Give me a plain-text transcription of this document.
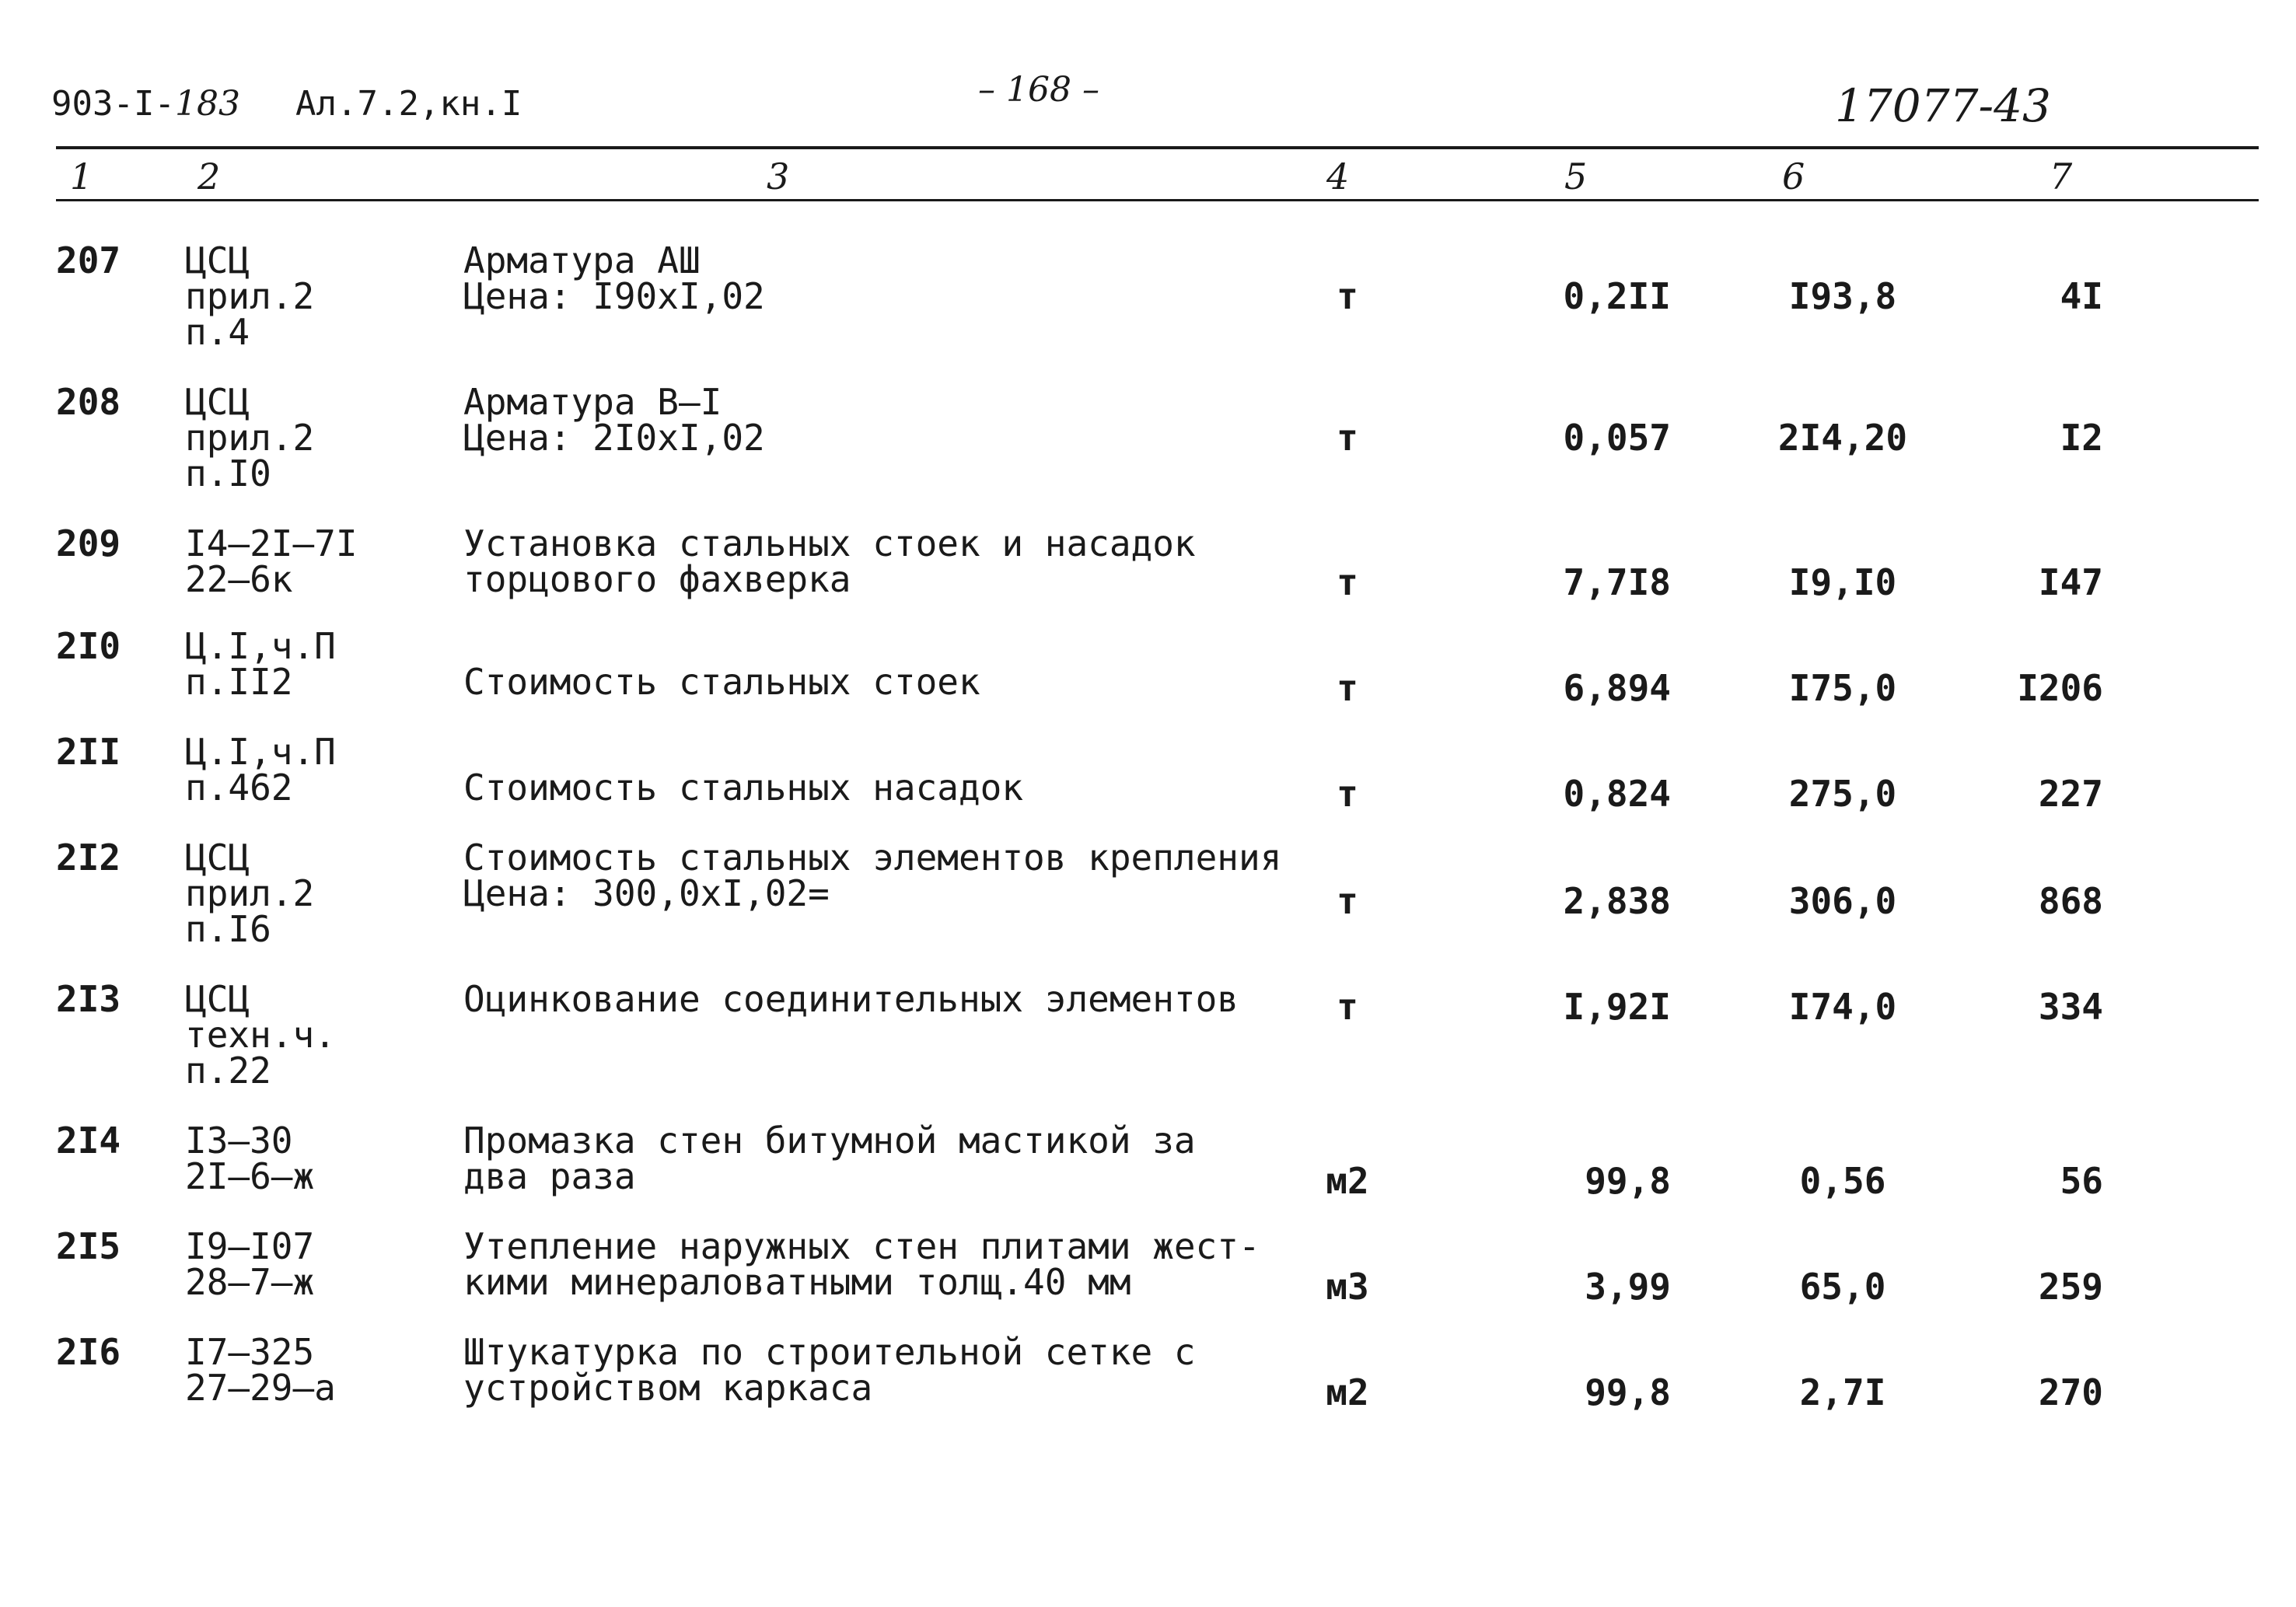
903-I-183 Ал.7.2,кн.I	– 168 –	17077-43
1	2	3	4	5	6	7
207 ЦСЦ
прил.2
п.4
Арматура АШ
Цена: I90хI,02	т	0,2II	I93,8	4I
208 ЦСЦ
прил.2
п.I0
Арматура В–I
Цена: 2I0хI,02	т	0,057	2I4,20	I2
209 I4–2I–7I
22–6к
Установка стальных стоек и насадок
торцового фахверка	т	7,7I8	I9,I0	I47
2I0 Ц.I,ч.П
п.II2	
Стоимость стальных стоек	т	6,894	I75,0	I206
2II Ц.I,ч.П
п.462	
Стоимость стальных насадок	т	0,824	275,0	227
2I2 ЦСЦ
прил.2
п.I6
Стоимость стальных элементов крепления
Цена: 300,0хI,02=	т	2,838	306,0	868
2I3 ЦСЦ
техн.ч.
п.22
Оцинкование соединительных элементов	т	I,92I	I74,0	334
2I4 I3–30
2I–6–ж
Промазка стен битумной мастикой за
два раза	м2	99,8	0,56	56
2I5 I9–I07
28–7–ж
Утепление наружных стен плитами жест-
кими минераловатными толщ.40 мм	м3	3,99	65,0	259
2I6 I7–325
27–29–а
Штукатурка по строительной сетке с
устройством каркаса	м2	99,8	2,7I	270
